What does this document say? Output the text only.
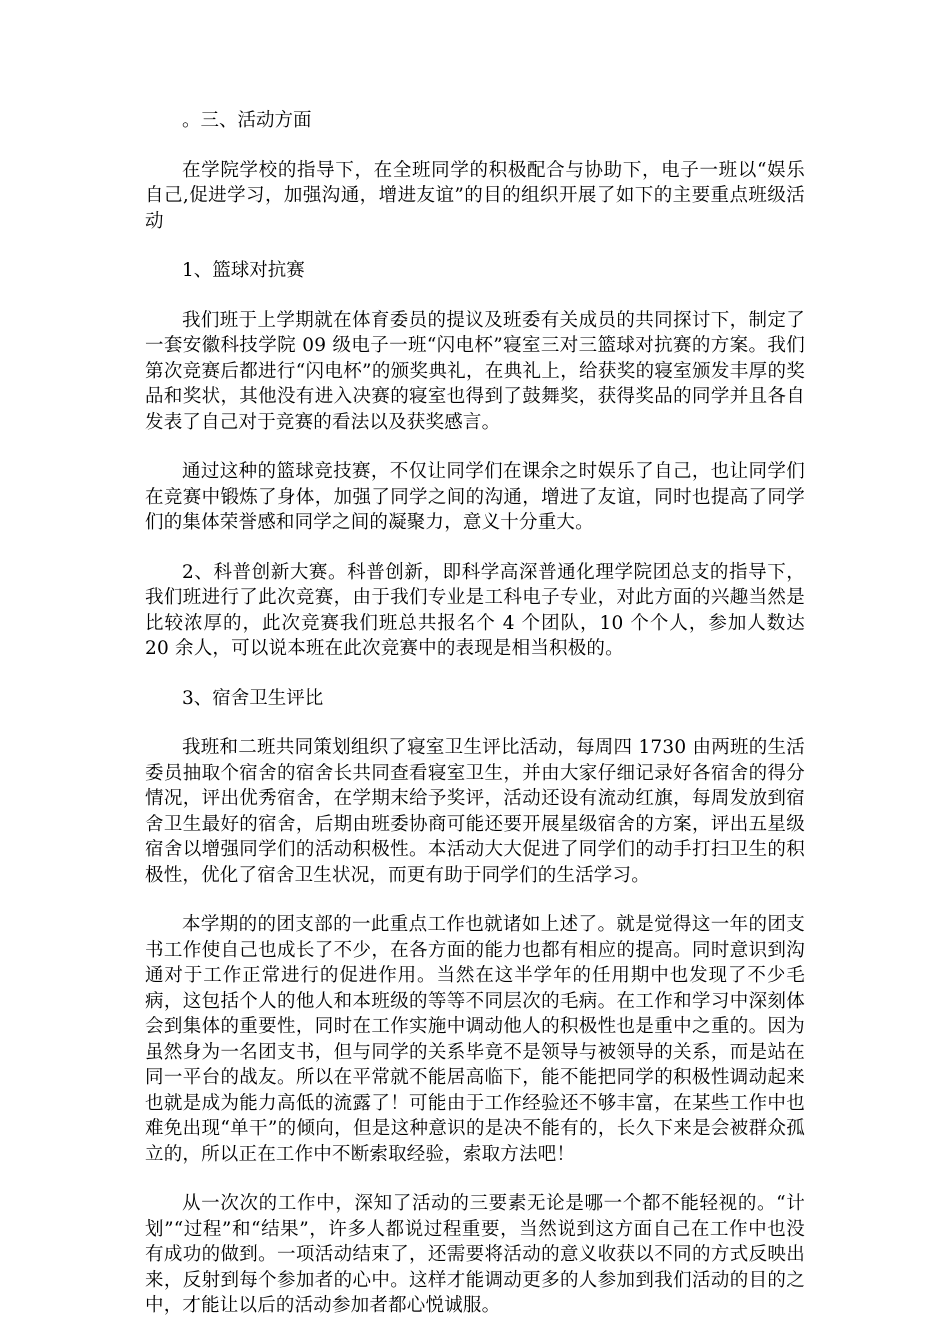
。三、活动方面

在学院学校的指导下，在全班同学的积极配合与协助下，电子一班以“娱乐自己,促进学习，加强沟通，增进友谊”的目的组织开展了如下的主要重点班级活动

1、篮球对抗赛

我们班于上学期就在体育委员的提议及班委有关成员的共同探讨下，制定了一套安徽科技学院 09 级电子一班“闪电杯”寝室三对三篮球对抗赛的方案。我们第次竞赛后都进行“闪电杯”的颁奖典礼，在典礼上，给获奖的寝室颁发丰厚的奖品和奖状，其他没有进入决赛的寝室也得到了鼓舞奖，获得奖品的同学并且各自发表了自己对于竞赛的看法以及获奖感言。

通过这种的篮球竞技赛，不仅让同学们在课余之时娱乐了自己，也让同学们在竞赛中锻炼了身体，加强了同学之间的沟通，增进了友谊，同时也提高了同学们的集体荣誉感和同学之间的凝聚力，意义十分重大。

2、科普创新大赛。科普创新，即科学高深普通化理学院团总支的指导下，我们班进行了此次竞赛，由于我们专业是工科电子专业，对此方面的兴趣当然是比较浓厚的，此次竞赛我们班总共报名个 4 个团队，10 个个人，参加人数达 20 余人，可以说本班在此次竞赛中的表现是相当积极的。

3、宿舍卫生评比

我班和二班共同策划组织了寝室卫生评比活动，每周四 1730 由两班的生活委员抽取个宿舍的宿舍长共同查看寝室卫生，并由大家仔细记录好各宿舍的得分情况，评出优秀宿舍，在学期末给予奖评，活动还设有流动红旗，每周发放到宿舍卫生最好的宿舍，后期由班委协商可能还要开展星级宿舍的方案，评出五星级宿舍以增强同学们的活动积极性。本活动大大促进了同学们的动手打扫卫生的积极性，优化了宿舍卫生状况，而更有助于同学们的生活学习。

本学期的的团支部的一此重点工作也就诸如上述了。就是觉得这一年的团支书工作使自己也成长了不少，在各方面的能力也都有相应的提高。同时意识到沟通对于工作正常进行的促进作用。当然在这半学年的任用期中也发现了不少毛病，这包括个人的他人和本班级的等等不同层次的毛病。在工作和学习中深刻体会到集体的重要性，同时在工作实施中调动他人的积极性也是重中之重的。因为虽然身为一名团支书，但与同学的关系毕竟不是领导与被领导的关系，而是站在同一平台的战友。所以在平常就不能居高临下，能不能把同学的积极性调动起来也就是成为能力高低的流露了！可能由于工作经验还不够丰富，在某些工作中也难免出现“单干”的倾向，但是这种意识的是决不能有的，长久下来是会被群众孤立的，所以正在工作中不断索取经验，索取方法吧！

从一次次的工作中，深知了活动的三要素无论是哪一个都不能轻视的。“计划”“过程”和“结果”，许多人都说过程重要，当然说到这方面自己在工作中也没有成功的做到。一项活动结束了，还需要将活动的意义收获以不同的方式反映出来，反射到每个参加者的心中。这样才能调动更多的人参加到我们活动的目的之中，才能让以后的活动参加者都心悦诚服。
